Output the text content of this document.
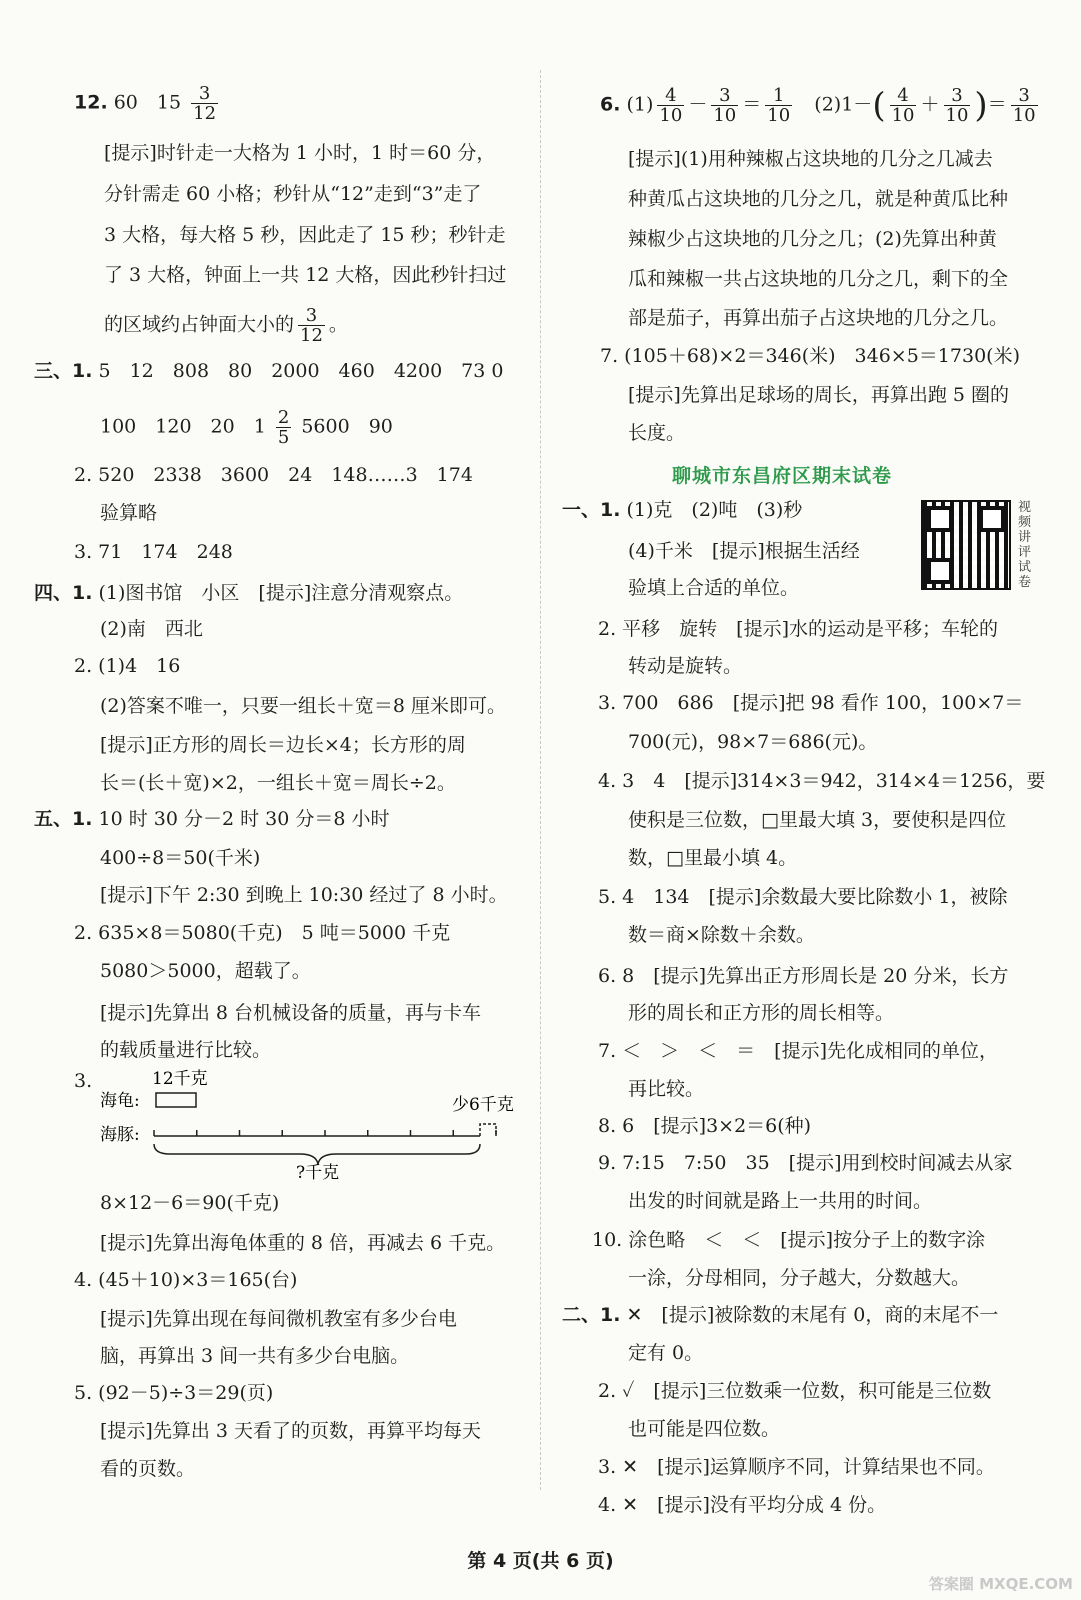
12. 60　$15 \frac{3}{12}$
[提示]时针走一大格为 1 小时，1 时＝60 分，
分针需走 60 小格；秒针从“12”走到“3”走了
3 大格，每大格 5 秒，因此走了 15 秒；秒针走
了 3 大格，钟面上一共 12 大格，因此秒针扫过
的区域约占钟面大小的 $\frac{3}{12}$ 。
三、1. 5　12　808　80　2000　460　4200　73 0
100　120　20　$1 \frac{2}{5} 5600$　90
2. 520　2338　3600　24　148……3　174
验算略
3. 71　174　248
四、1. (1)图书馆　小区　[提示]注意分清观察点。
(2)南　西北
2. (1)4　16
(2)答案不唯一，只要一组长＋宽＝8 厘米即可。
[提示]正方形的周长＝边长×4；长方形的周
长＝(长＋宽)×2，一组长＋宽＝周长÷2。
五、1. 10 时 30 分－2 时 30 分＝8 小时
400÷8＝50(千米)
[提示]下午 2:30 到晚上 10:30 经过了 8 小时。
2. 635×8＝5080(千克)　5 吨＝5000 千克
5080＞5000，超载了。
[提示]先算出 8 台机械设备的质量，再与卡车
的载质量进行比较。
3.	12千克
海龟:
海豚:
少6千克
?千克
8×12－6＝90(千克)
[提示]先算出海龟体重的 8 倍，再减去 6 千克。
4. (45＋10)×3＝165(台)
[提示]先算出现在每间微机教室有多少台电
脑，再算出 3 间一共有多少台电脑。
5. (92－5)÷3＝29(页)
[提示]先算出 3 天看了的页数，再算平均每天
看的页数。
6. $(1) \frac{4}{10} - \frac{3}{10} = \frac{1}{10} (2)1-( \frac{4}{10} + \frac{3}{10}$ )＝ $\frac{3}{10}$
[提示](1)用种辣椒占这块地的几分之几减去
种黄瓜占这块地的几分之几，就是种黄瓜比种
辣椒少占这块地的几分之几；(2)先算出种黄
瓜和辣椒一共占这块地的几分之几，剩下的全
部是茄子，再算出茄子占这块地的几分之几。
7. (105＋68)×2＝346(米)　346×5＝1730(米)
[提示]先算出足球场的周长，再算出跑 5 圈的
长度。
聊城市东昌府区期末试卷
视频讲评试卷
一、1. (1)克　(2)吨　(3)秒
(4)千米　[提示]根据生活经
验填上合适的单位。
2. 平移　旋转　[提示]水的运动是平移；车轮的
转动是旋转。
3. 700　686　[提示]把 98 看作 100，100×7＝
700(元)，98×7＝686(元)。
4. 3　4　[提示]314×3＝942，314×4＝1256，要
使积是三位数，□里最大填 3，要使积是四位
数，□里最小填 4。
5. 4　134　[提示]余数最大要比除数小 1，被除
数＝商×除数＋余数。
6. 8　[提示]先算出正方形周长是 20 分米，长方
形的周长和正方形的周长相等。
7. ＜　＞　＜　＝　[提示]先化成相同的单位，
再比较。
8. 6　[提示]3×2＝6(种)
9. 7:15　7:50　35　[提示]用到校时间减去从家
出发的时间就是路上一共用的时间。
10. 涂色略　＜　＜　[提示]按分子上的数字涂
一涂，分母相同，分子越大，分数越大。
二、1. ✕　[提示]被除数的末尾有 0，商的末尾不一
定有 0。
2. ✓　[提示]三位数乘一位数，积可能是三位数
也可能是四位数。
3. ✕　[提示]运算顺序不同，计算结果也不同。
4. ✕　[提示]没有平均分成 4 份。
第 4 页(共 6 页)
答案圈 MXQE.COM
